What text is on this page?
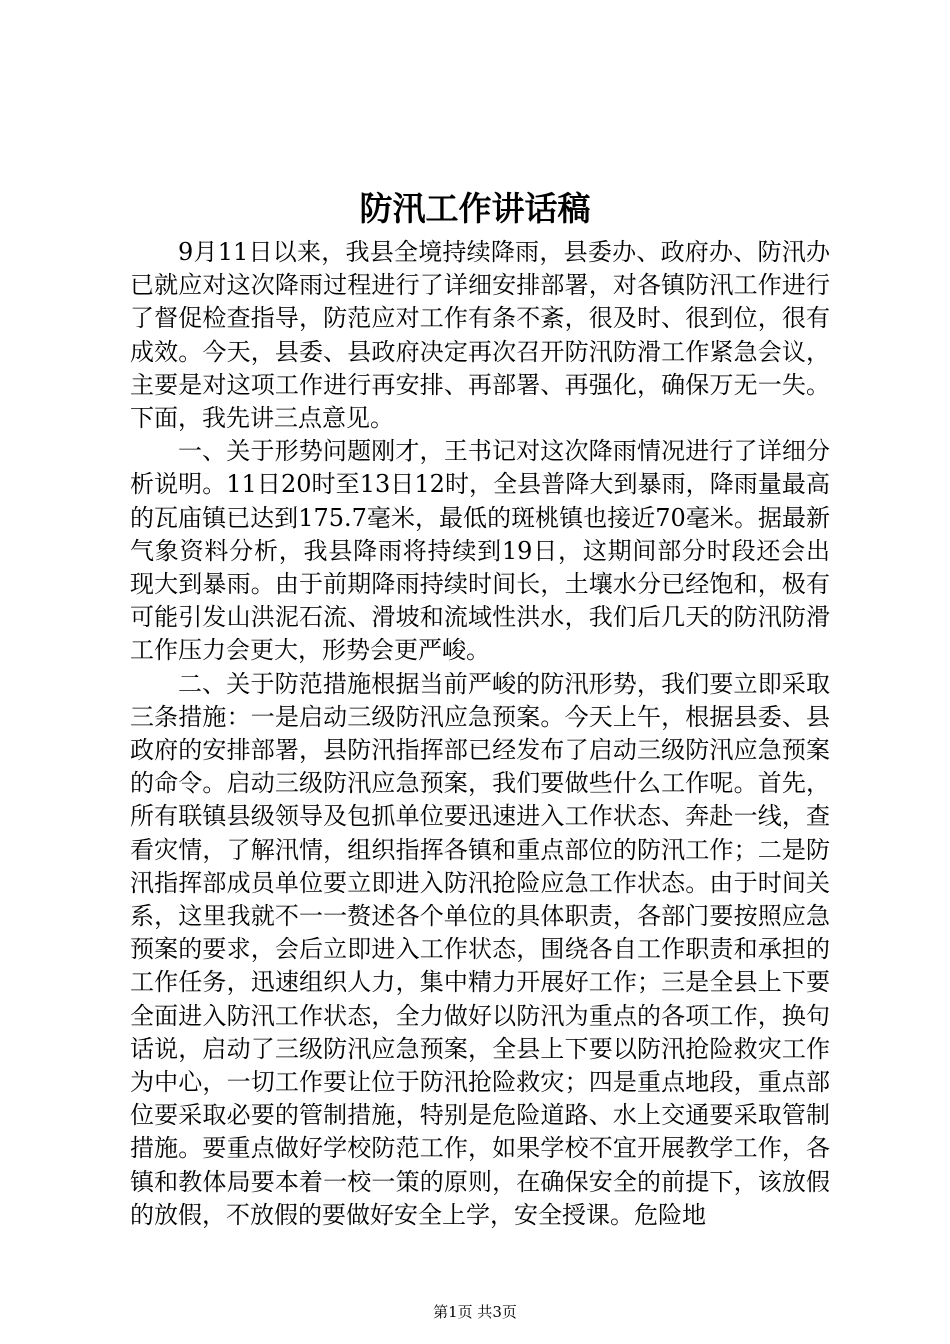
防汛工作讲话稿

9月11日以来，我县全境持续降雨，县委办、政府办、防汛办已就应对这次降雨过程进行了详细安排部署，对各镇防汛工作进行了督促检查指导，防范应对工作有条不紊，很及时、很到位，很有成效。今天，县委、县政府决定再次召开防汛防滑工作紧急会议，主要是对这项工作进行再安排、再部署、再强化，确保万无一失。下面，我先讲三点意见。

一、关于形势问题刚才，王书记对这次降雨情况进行了详细分析说明。11日20时至13日12时，全县普降大到暴雨，降雨量最高的瓦庙镇已达到175.7毫米，最低的斑桃镇也接近70毫米。据最新气象资料分析，我县降雨将持续到19日，这期间部分时段还会出现大到暴雨。由于前期降雨持续时间长，土壤水分已经饱和，极有可能引发山洪泥石流、滑坡和流域性洪水，我们后几天的防汛防滑工作压力会更大，形势会更严峻。

二、关于防范措施根据当前严峻的防汛形势，我们要立即采取三条措施：一是启动三级防汛应急预案。今天上午，根据县委、县政府的安排部署，县防汛指挥部已经发布了启动三级防汛应急预案的命令。启动三级防汛应急预案，我们要做些什么工作呢。首先，所有联镇县级领导及包抓单位要迅速进入工作状态、奔赴一线，查看灾情，了解汛情，组织指挥各镇和重点部位的防汛工作；二是防汛指挥部成员单位要立即进入防汛抢险应急工作状态。由于时间关系，这里我就不一一赘述各个单位的具体职责，各部门要按照应急预案的要求，会后立即进入工作状态，围绕各自工作职责和承担的工作任务，迅速组织人力，集中精力开展好工作；三是全县上下要全面进入防汛工作状态，全力做好以防汛为重点的各项工作，换句话说，启动了三级防汛应急预案，全县上下要以防汛抢险救灾工作为中心，一切工作要让位于防汛抢险救灾；四是重点地段，重点部位要采取必要的管制措施，特别是危险道路、水上交通要采取管制措施。要重点做好学校防范工作，如果学校不宜开展教学工作，各镇和教体局要本着一校一策的原则，在确保安全的前提下，该放假的放假，不放假的要做好安全上学，安全授课。危险地

第1页 共3页
